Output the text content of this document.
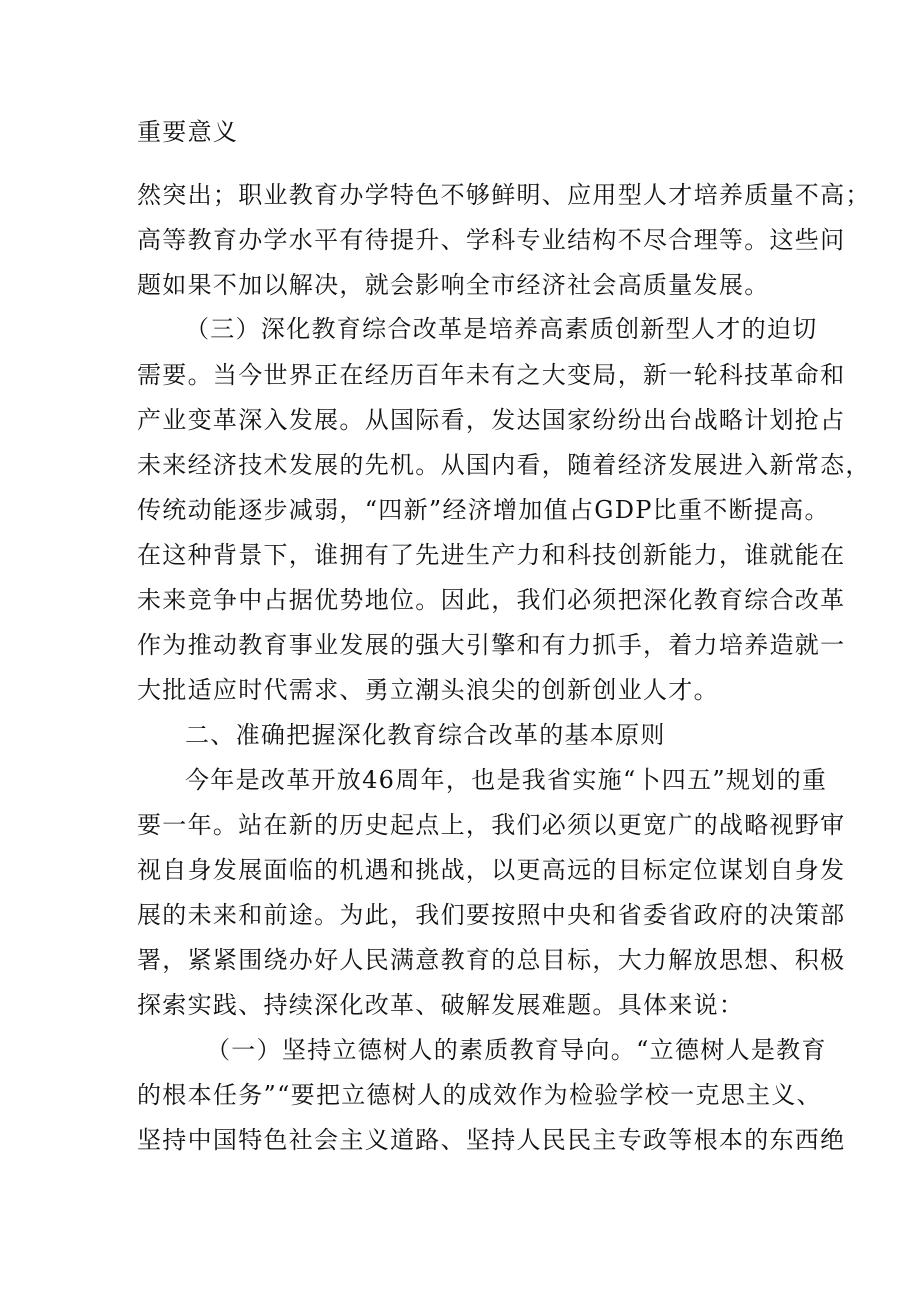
重要意义
然突出；职业教育办学特色不够鲜明、应用型人才培养质量不高；
高等教育办学水平有待提升、学科专业结构不尽合理等。这些问
题如果不加以解决，就会影响全市经济社会高质量发展。
（三）深化教育综合改革是培养高素质创新型人才的迫切
需要。当今世界正在经历百年未有之大变局，新一轮科技革命和
产业变革深入发展。从国际看，发达国家纷纷出台战略计划抢占
未来经济技术发展的先机。从国内看，随着经济发展进入新常态，
传统动能逐步减弱，“四新”经济增加值占GDP比重不断提高。
在这种背景下，谁拥有了先进生产力和科技创新能力，谁就能在
未来竞争中占据优势地位。因此，我们必须把深化教育综合改革
作为推动教育事业发展的强大引擎和有力抓手，着力培养造就一
大批适应时代需求、勇立潮头浪尖的创新创业人才。
二、准确把握深化教育综合改革的基本原则
今年是改革开放46周年，也是我省实施“卜四五”规划的重
要一年。站在新的历史起点上，我们必须以更宽广的战略视野审
视自身发展面临的机遇和挑战，以更高远的目标定位谋划自身发
展的未来和前途。为此，我们要按照中央和省委省政府的决策部
署，紧紧围绕办好人民满意教育的总目标，大力解放思想、积极
探索实践、持续深化改革、破解发展难题。具体来说：
（一）坚持立德树人的素质教育导向。“立德树人是教育
的根本任务”“要把立德树人的成效作为检验学校一克思主义、
坚持中国特色社会主义道路、坚持人民民主专政等根本的东西绝
